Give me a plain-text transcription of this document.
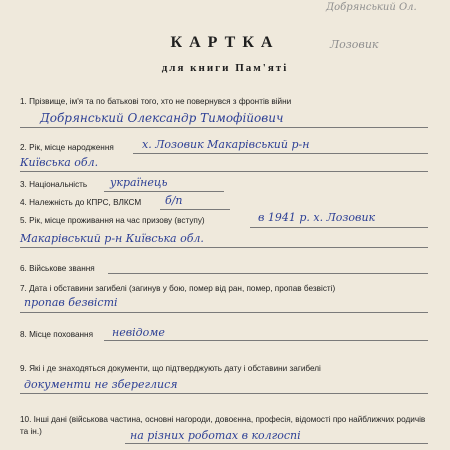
Добрянський Ол.
Лозовик
КАРТКА
для книги Пам'яті
1. Прізвище, ім'я та по батькові того, хто не повернувся з фронтів війни
Добрянський Олександр Тимофійович
2. Рік, місце народження	х. Лозовик Макарівський р-н
Київська обл.
3. Національність українець
4. Належність до КПРС, ВЛКСМ б/п
5. Рік, місце проживання на час призову (вступу)	в 1941 р. х. Лозовик
Макарівський р-н Київська обл.
6. Військове звання
7. Дата і обставини загибелі (загинув у бою, помер від ран, помер, пропав безвісті)
пропав безвісті
8. Місце поховання невідоме
9. Які і де знаходяться документи, що підтверджують дату і обставини загибелі
документи не збереглися
10. Інші дані (військова частина, основні нагороди, довоєнна, професія, відомості про найближчих родичів та ін.)	на різних роботах в колгоспі
